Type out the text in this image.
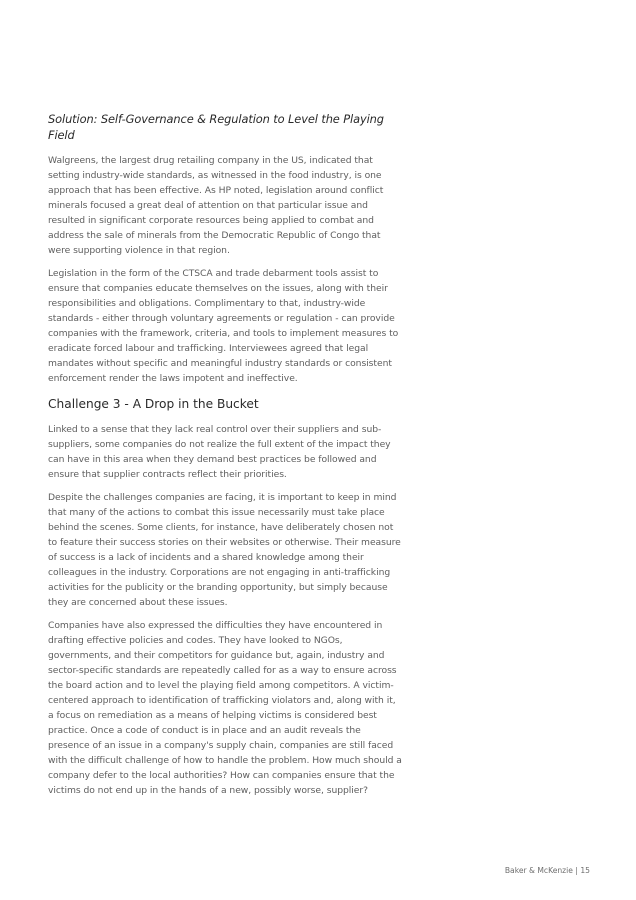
Solution: Self-Governance & Regulation to Level the Playing Field

Walgreens, the largest drug retailing company in the US, indicated that setting industry-wide standards, as witnessed in the food industry, is one approach that has been effective. As HP noted, legislation around conflict minerals focused a great deal of attention on that particular issue and resulted in significant corporate resources being applied to combat and address the sale of minerals from the Democratic Republic of Congo that were supporting violence in that region.

Legislation in the form of the CTSCA and trade debarment tools assist to ensure that companies educate themselves on the issues, along with their responsibilities and obligations. Complimentary to that, industry-wide standards - either through voluntary agreements or regulation - can provide companies with the framework, criteria, and tools to implement measures to eradicate forced labour and trafficking. Interviewees agreed that legal mandates without specific and meaningful industry standards or consistent enforcement render the laws impotent and ineffective.

Challenge 3 - A Drop in the Bucket

Linked to a sense that they lack real control over their suppliers and sub-suppliers, some companies do not realize the full extent of the impact they can have in this area when they demand best practices be followed and ensure that supplier contracts reflect their priorities.

Despite the challenges companies are facing, it is important to keep in mind that many of the actions to combat this issue necessarily must take place behind the scenes. Some clients, for instance, have deliberately chosen not to feature their success stories on their websites or otherwise. Their measure of success is a lack of incidents and a shared knowledge among their colleagues in the industry. Corporations are not engaging in anti-trafficking activities for the publicity or the branding opportunity, but simply because they are concerned about these issues.

Companies have also expressed the difficulties they have encountered in drafting effective policies and codes. They have looked to NGOs, governments, and their competitors for guidance but, again, industry and sector-specific standards are repeatedly called for as a way to ensure across the board action and to level the playing field among competitors. A victim-centered approach to identification of trafficking violators and, along with it, a focus on remediation as a means of helping victims is considered best practice. Once a code of conduct is in place and an audit reveals the presence of an issue in a company's supply chain, companies are still faced with the difficult challenge of how to handle the problem. How much should a company defer to the local authorities? How can companies ensure that the victims do not end up in the hands of a new, possibly worse, supplier?

Baker & McKenzie | 15
